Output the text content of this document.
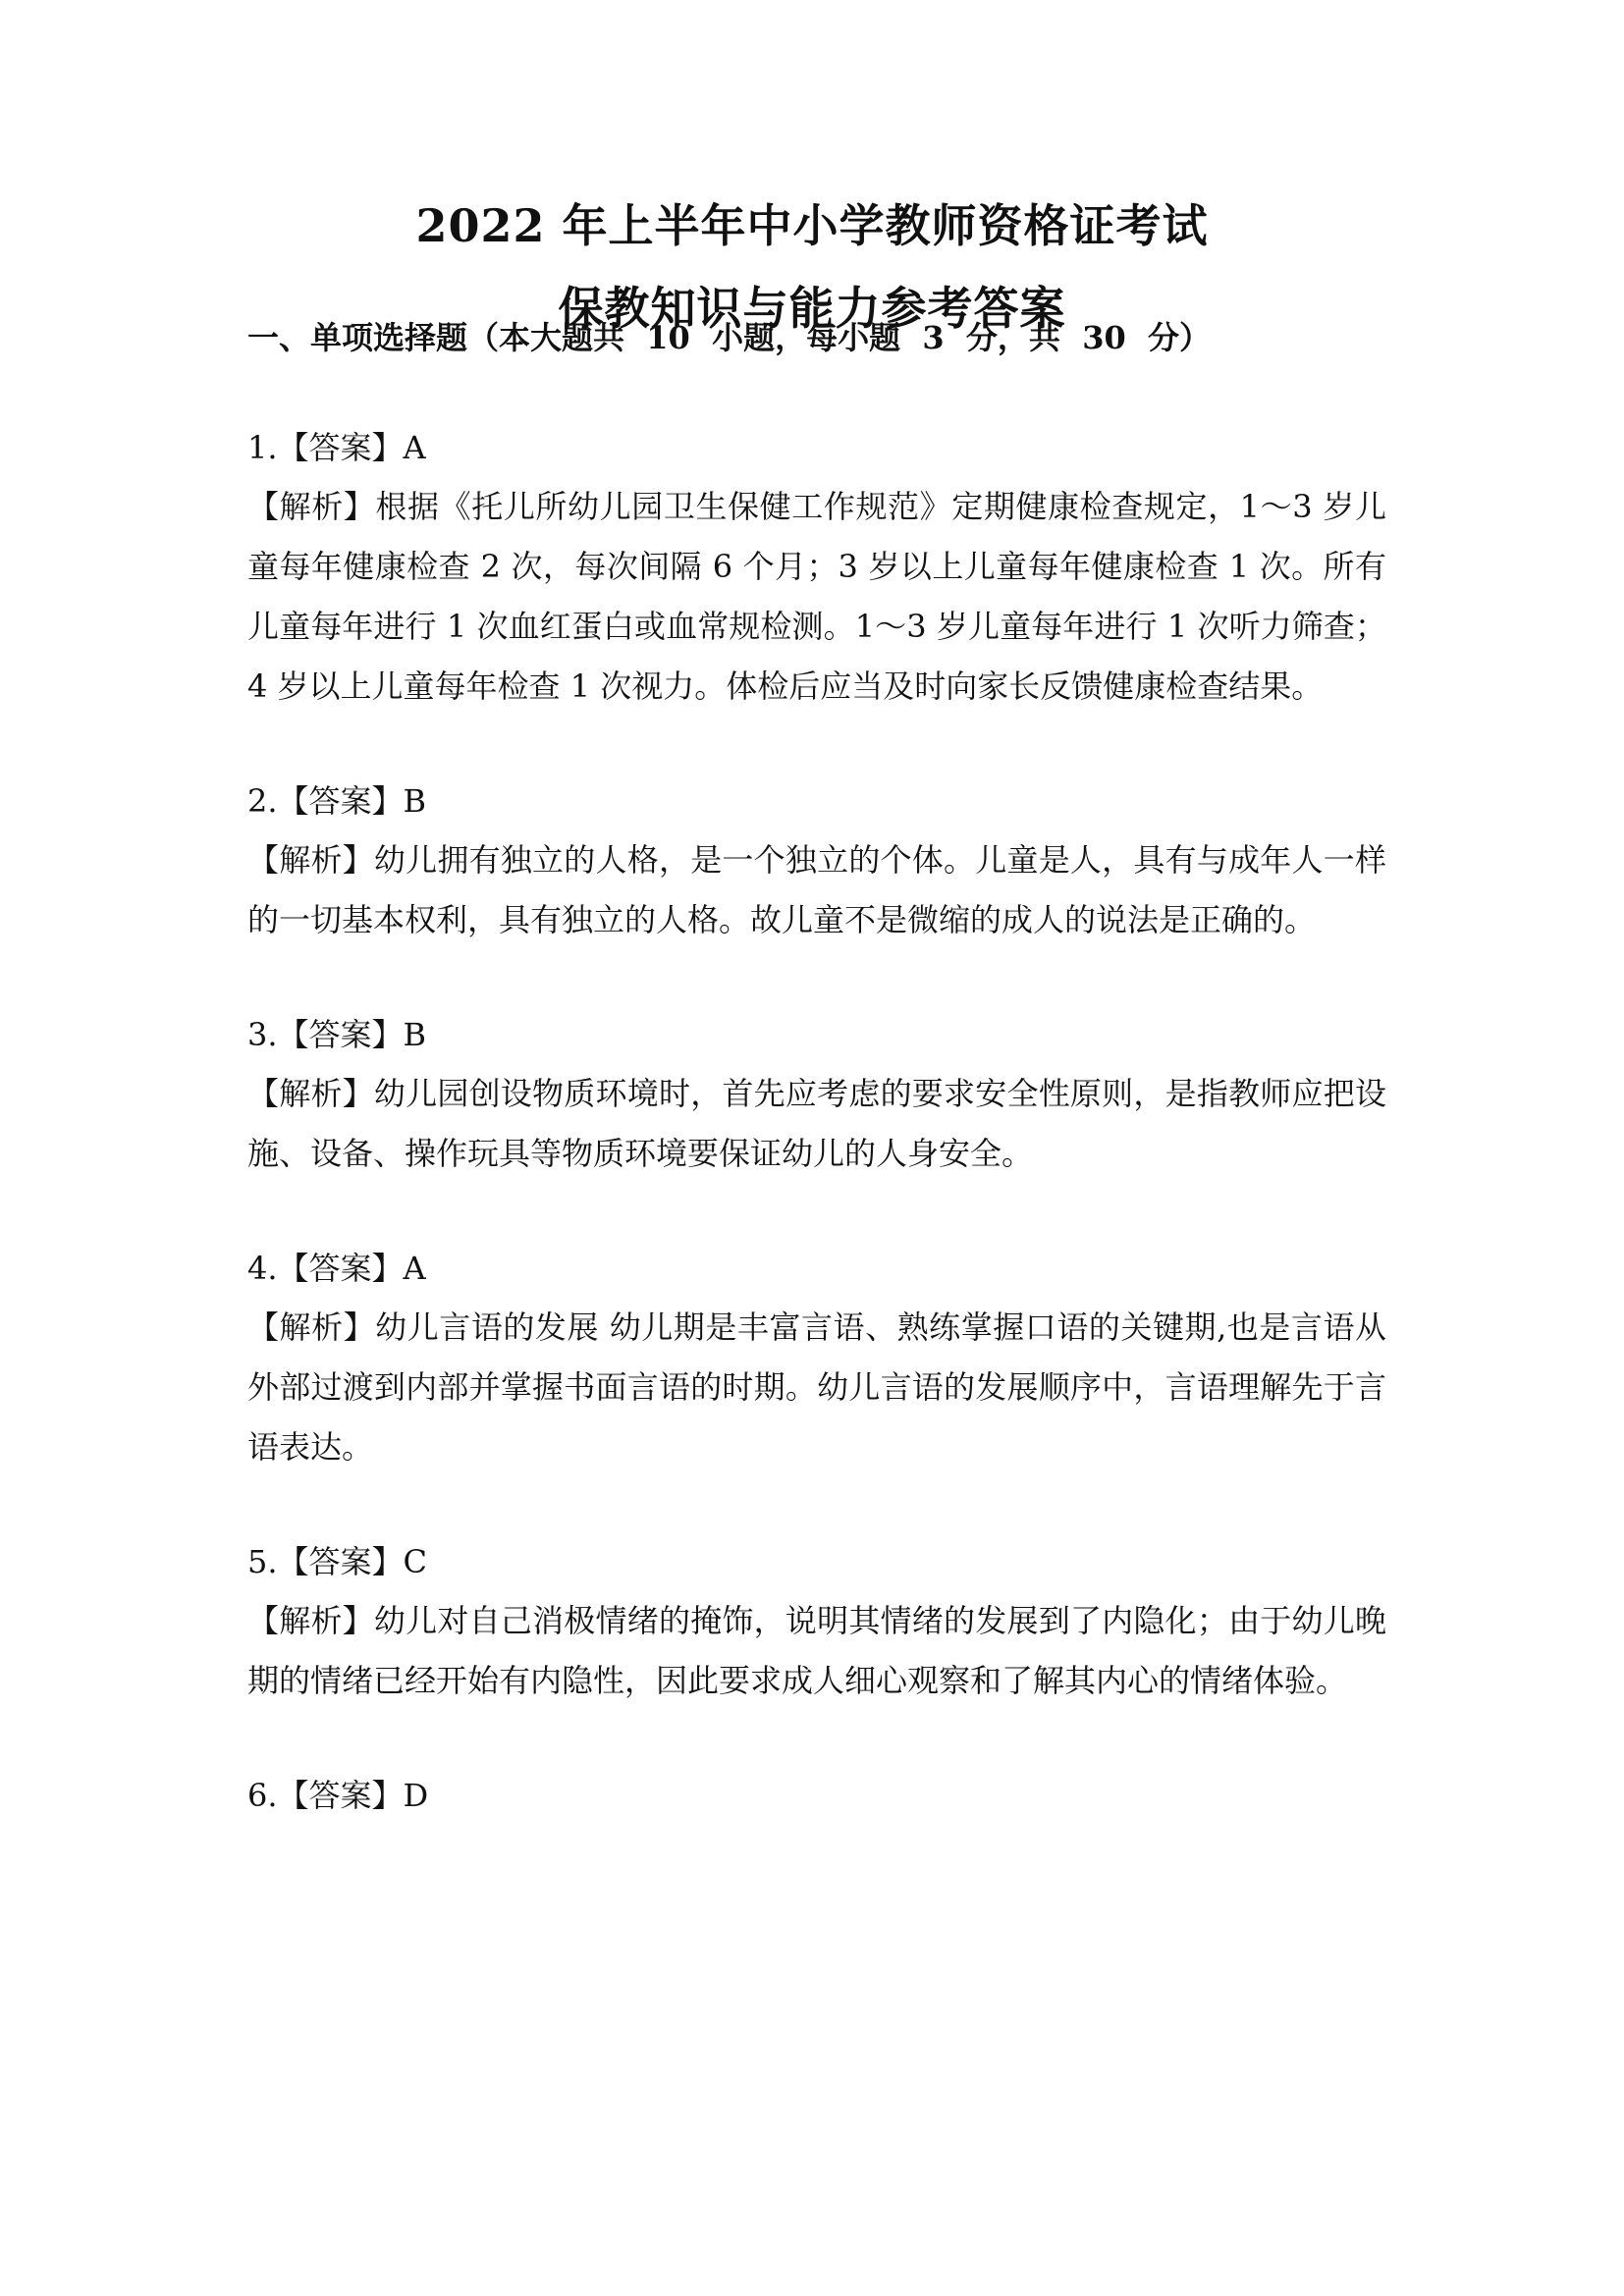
2022 年上半年中小学教师资格证考试
保教知识与能力参考答案
一、单项选择题（本大题共  10  小题，每小题  3  分，共  30  分）
1.【答案】A
【解析】根据《托儿所幼儿园卫生保健工作规范》定期健康检查规定，1～3 岁儿童每年健康检查 2 次，每次间隔 6 个月；3 岁以上儿童每年健康检查 1 次。所有儿童每年进行 1 次血红蛋白或血常规检测。1～3 岁儿童每年进行 1 次听力筛查；4 岁以上儿童每年检查 1 次视力。体检后应当及时向家长反馈健康检查结果。
2.【答案】B
【解析】幼儿拥有独立的人格，是一个独立的个体。儿童是人，具有与成年人一样的一切基本权利，具有独立的人格。故儿童不是微缩的成人的说法是正确的。
3.【答案】B
【解析】幼儿园创设物质环境时，首先应考虑的要求安全性原则，是指教师应把设施、设备、操作玩具等物质环境要保证幼儿的人身安全。
4.【答案】A
【解析】幼儿言语的发展 幼儿期是丰富言语、熟练掌握口语的关键期,也是言语从外部过渡到内部并掌握书面言语的时期。幼儿言语的发展顺序中，言语理解先于言语表达。
5.【答案】C
【解析】幼儿对自己消极情绪的掩饰，说明其情绪的发展到了内隐化；由于幼儿晚期的情绪已经开始有内隐性，因此要求成人细心观察和了解其内心的情绪体验。
6.【答案】D
